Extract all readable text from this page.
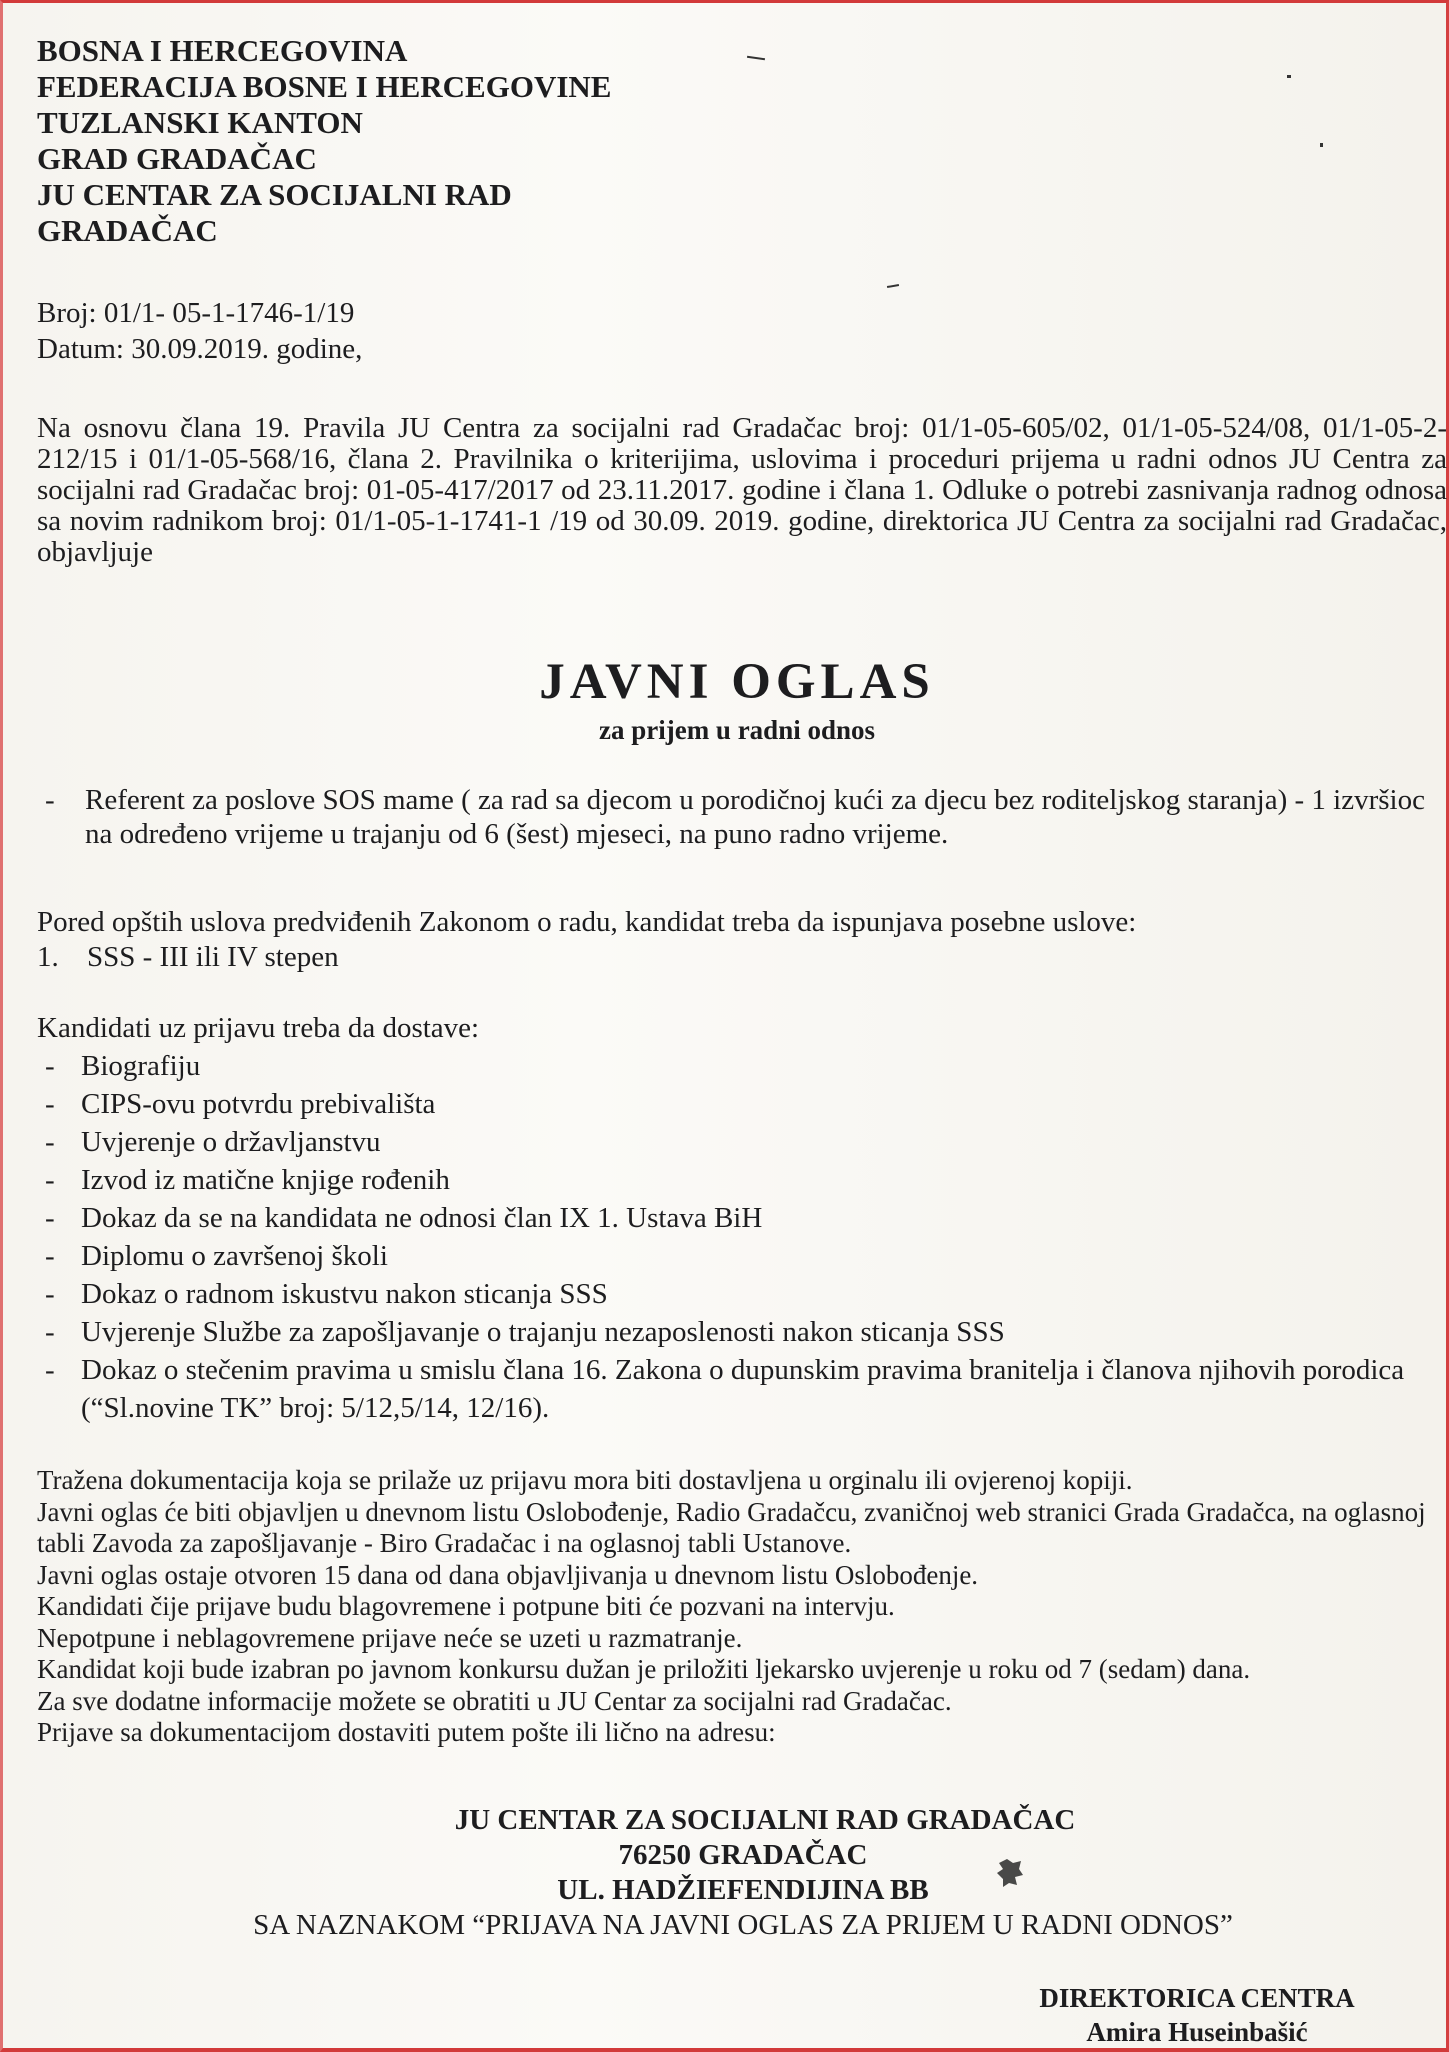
BOSNA I HERCEGOVINA
FEDERACIJA BOSNE I HERCEGOVINE
TUZLANSKI KANTON
GRAD GRADAČAC
JU CENTAR ZA SOCIJALNI RAD
GRADAČAC
Broj: 01/1- 05-1-1746-1/19
Datum: 30.09.2019. godine,
Na osnovu člana 19. Pravila JU Centra za socijalni rad Gradačac broj: 01/1-05-605/02, 01/1-05-524/08, 01/1-05-2-212/15 i 01/1-05-568/16, člana 2. Pravilnika o kriterijima, uslovima i proceduri prijema u radni odnos JU Centra za socijalni rad Gradačac broj: 01-05-417/2017 od 23.11.2017. godine i člana 1. Odluke o potrebi zasnivanja radnog odnosa sa novim radnikom broj: 01/1-05-1-1741-1 /19 od 30.09. 2019. godine, direktorica JU Centra za socijalni rad Gradačac, objavljuje
JAVNI OGLAS
za prijem u radni odnos
- Referent za poslove SOS mame ( za rad sa djecom u porodičnoj kući za djecu bez roditeljskog staranja) - 1 izvršioc na određeno vrijeme u trajanju od 6 (šest) mjeseci, na puno radno vrijeme.
Pored opštih uslova predviđenih Zakonom o radu, kandidat treba da ispunjava posebne uslove:
1. SSS - III ili IV stepen
Kandidati uz prijavu treba da dostave:
- Biografiju
- CIPS-ovu potvrdu prebivališta
- Uvjerenje o državljanstvu
- Izvod iz matične knjige rođenih
- Dokaz da se na kandidata ne odnosi član IX 1. Ustava BiH
- Diplomu o završenoj školi
- Dokaz o radnom iskustvu nakon sticanja SSS
- Uvjerenje Službe za zapošljavanje o trajanju nezaposlenosti nakon sticanja SSS
- Dokaz o stečenim pravima u smislu člana 16. Zakona o dupunskim pravima branitelja i članova njihovih porodica (“Sl.novine TK” broj: 5/12,5/14, 12/16).
Tražena dokumentacija koja se prilaže uz prijavu mora biti dostavljena u orginalu ili ovjerenoj kopiji.
Javni oglas će biti objavljen u dnevnom listu Oslobođenje, Radio Gradačcu, zvaničnoj web stranici Grada Gradačca, na oglasnoj tabli Zavoda za zapošljavanje - Biro Gradačac i na oglasnoj tabli Ustanove.
Javni oglas ostaje otvoren 15 dana od dana objavljivanja u dnevnom listu Oslobođenje.
Kandidati čije prijave budu blagovremene i potpune biti će pozvani na intervju.
Nepotpune i neblagovremene prijave neće se uzeti u razmatranje.
Kandidat koji bude izabran po javnom konkursu dužan je priložiti ljekarsko uvjerenje u roku od 7 (sedam) dana.
Za sve dodatne informacije možete se obratiti u JU Centar za socijalni rad Gradačac.
Prijave sa dokumentacijom dostaviti putem pošte ili lično na adresu:
JU CENTAR ZA SOCIJALNI RAD GRADAČAC
76250 GRADAČAC
UL. HADŽIEFENDIJINA BB
SA NAZNAKOM “PRIJAVA NA JAVNI OGLAS ZA PRIJEM U RADNI ODNOS”
DIREKTORICA CENTRA
Amira Huseinbašić
